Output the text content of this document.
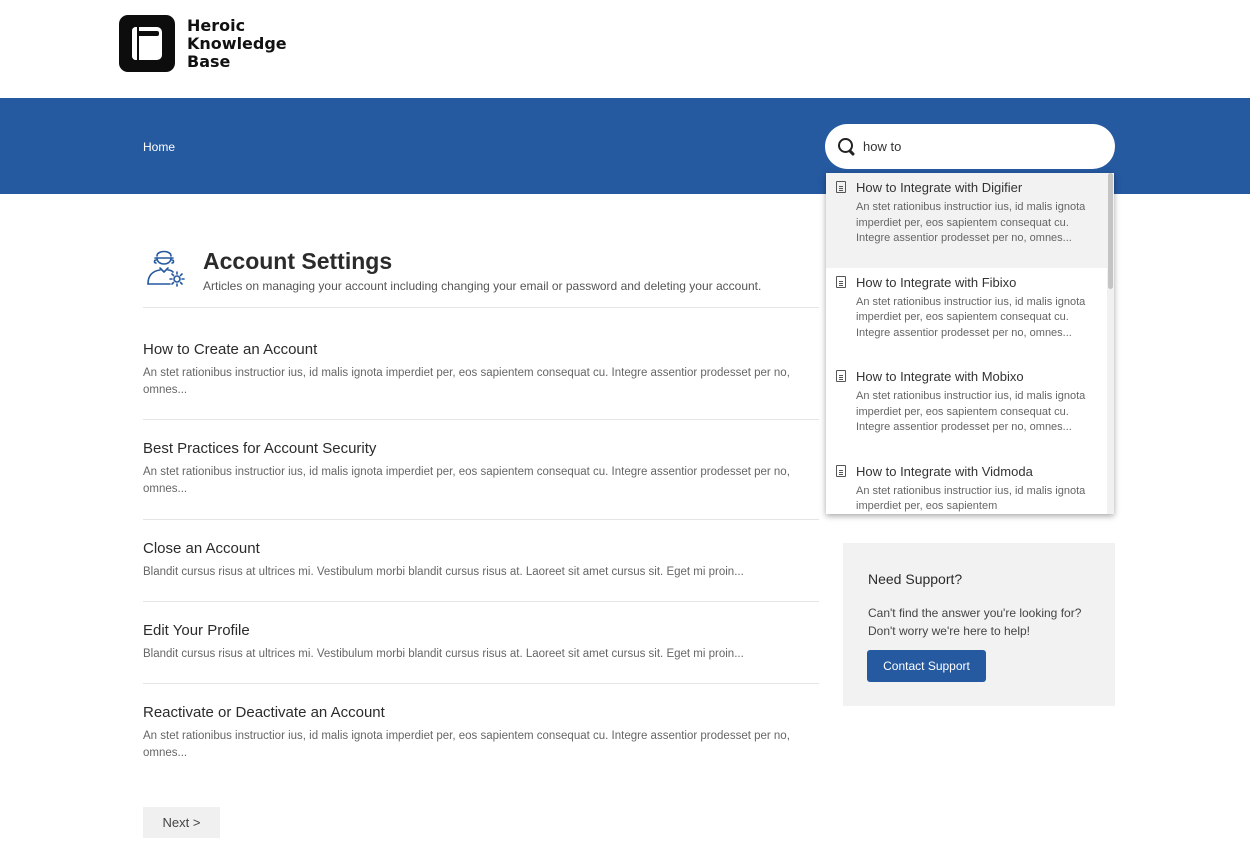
Heroic
Knowledge
Base
Home
how to
How to Integrate with Digifier
An stet rationibus instructior ius, id malis ignota imperdiet per, eos sapientem consequat cu. Integre assentior prodesset per no, omnes...
How to Integrate with Fibixo
An stet rationibus instructior ius, id malis ignota imperdiet per, eos sapientem consequat cu. Integre assentior prodesset per no, omnes...
How to Integrate with Mobixo
An stet rationibus instructior ius, id malis ignota imperdiet per, eos sapientem consequat cu. Integre assentior prodesset per no, omnes...
How to Integrate with Vidmoda
An stet rationibus instructior ius, id malis ignota imperdiet per, eos sapientem
Account Settings
Articles on managing your account including changing your email or password and deleting your account.
How to Create an Account
An stet rationibus instructior ius, id malis ignota imperdiet per, eos sapientem consequat cu. Integre assentior prodesset per no, omnes...
Best Practices for Account Security
An stet rationibus instructior ius, id malis ignota imperdiet per, eos sapientem consequat cu. Integre assentior prodesset per no, omnes...
Close an Account
Blandit cursus risus at ultrices mi. Vestibulum morbi blandit cursus risus at. Laoreet sit amet cursus sit. Eget mi proin...
Edit Your Profile
Blandit cursus risus at ultrices mi. Vestibulum morbi blandit cursus risus at. Laoreet sit amet cursus sit. Eget mi proin...
Reactivate or Deactivate an Account
An stet rationibus instructior ius, id malis ignota imperdiet per, eos sapientem consequat cu. Integre assentior prodesset per no, omnes...
Next >
Need Support?
Can't find the answer you're looking for? Don't worry we're here to help!
Contact Support
